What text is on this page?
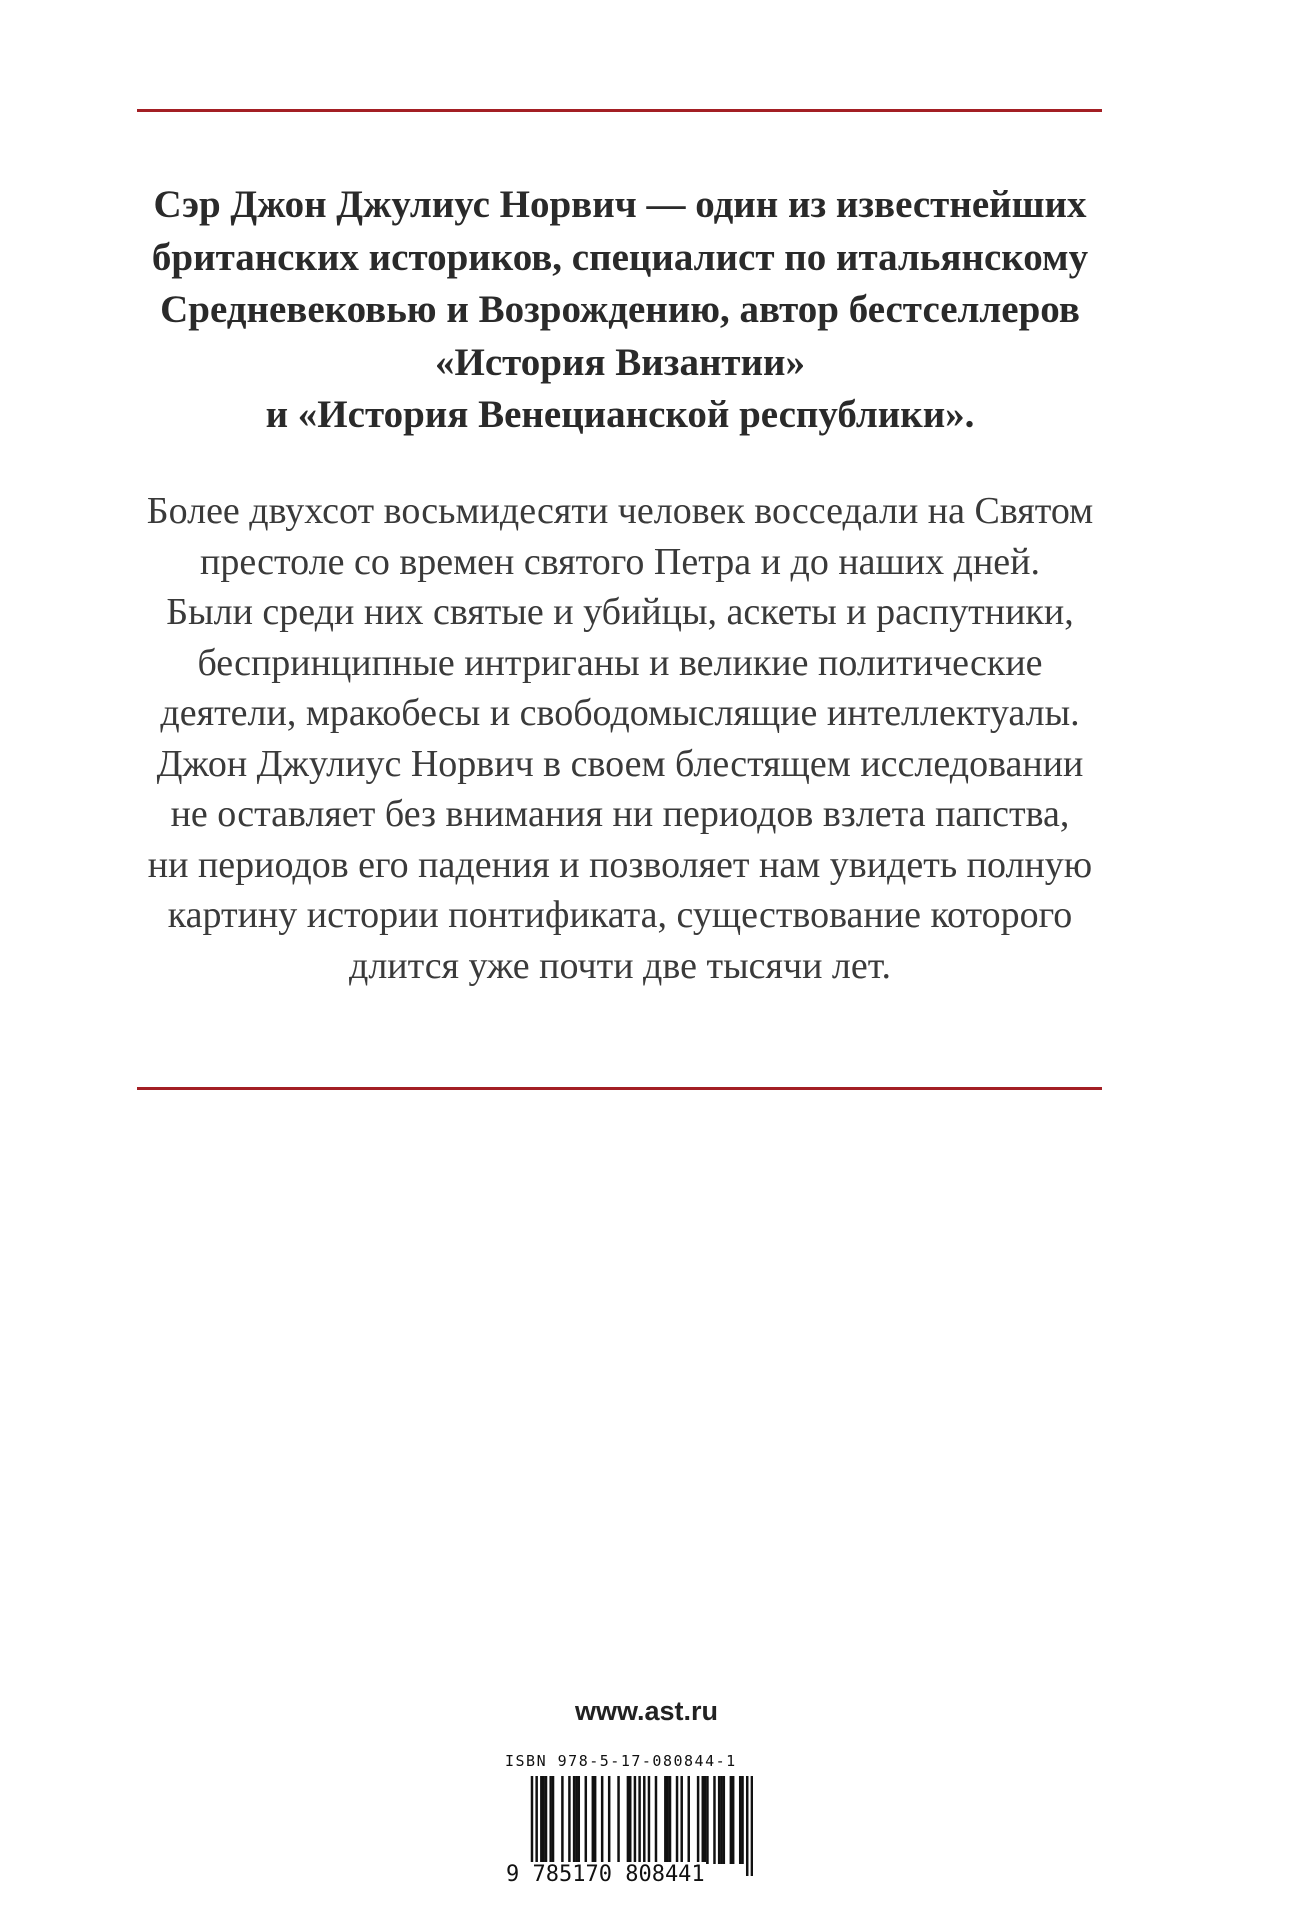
Сэр Джон Джулиус Норвич — один из известнейших
британских историков, специалист по итальянскому
Средневековью и Возрождению, автор бестселлеров
«История Византии»
и «История Венецианской республики».

Более двухсот восьмидесяти человек восседали на Святом
престоле со времен святого Петра и до наших дней.
Были среди них святые и убийцы, аскеты и распутники,
беспринципные интриганы и великие политические
деятели, мракобесы и свободомыслящие интеллектуалы.
Джон Джулиус Норвич в своем блестящем исследовании
не оставляет без внимания ни периодов взлета папства,
ни периодов его падения и позволяет нам увидеть полную
картину истории понтификата, существование которого
длится уже почти две тысячи лет.

www.ast.ru
ISBN 978-5-17-080844-1
9 785170 808441
